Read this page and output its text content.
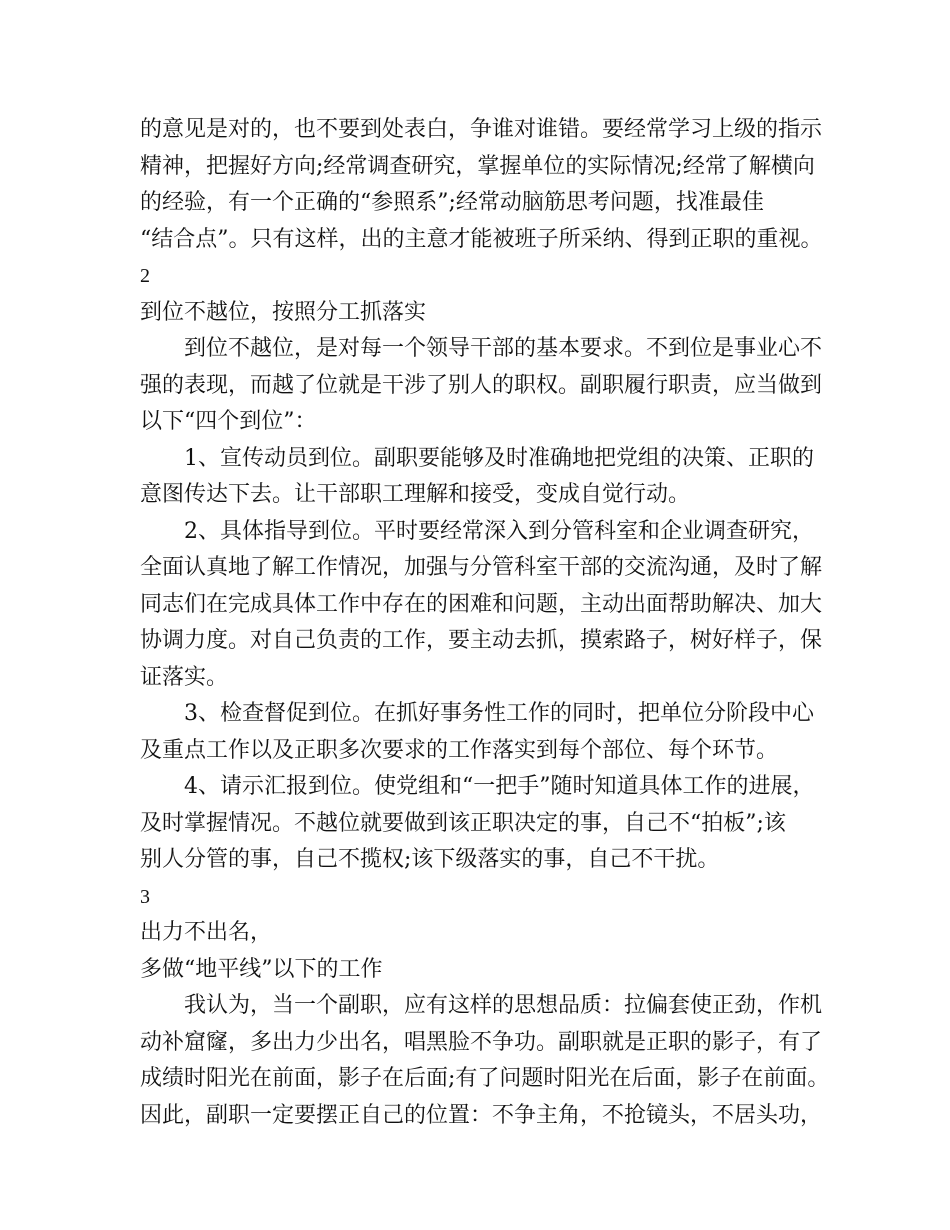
的意见是对的，也不要到处表白，争谁对谁错。要经常学习上级的指示
精神，把握好方向;经常调查研究，掌握单位的实际情况;经常了解横向
的经验，有一个正确的“参照系”;经常动脑筋思考问题，找准最佳
“结合点”。只有这样，出的主意才能被班子所采纳、得到正职的重视。
2
到位不越位，按照分工抓落实
到位不越位，是对每一个领导干部的基本要求。不到位是事业心不
强的表现，而越了位就是干涉了别人的职权。副职履行职责，应当做到
以下“四个到位”：
1、宣传动员到位。副职要能够及时准确地把党组的决策、正职的
意图传达下去。让干部职工理解和接受，变成自觉行动。
2、具体指导到位。平时要经常深入到分管科室和企业调查研究，
全面认真地了解工作情况，加强与分管科室干部的交流沟通，及时了解
同志们在完成具体工作中存在的困难和问题，主动出面帮助解决、加大
协调力度。对自己负责的工作，要主动去抓，摸索路子，树好样子，保
证落实。
3、检查督促到位。在抓好事务性工作的同时，把单位分阶段中心
及重点工作以及正职多次要求的工作落实到每个部位、每个环节。
4、请示汇报到位。使党组和“一把手”随时知道具体工作的进展，
及时掌握情况。不越位就要做到该正职决定的事，自己不“拍板”;该
别人分管的事，自己不揽权;该下级落实的事，自己不干扰。
3
出力不出名，
多做“地平线”以下的工作
我认为，当一个副职，应有这样的思想品质：拉偏套使正劲，作机
动补窟窿，多出力少出名，唱黑脸不争功。副职就是正职的影子，有了
成绩时阳光在前面，影子在后面;有了问题时阳光在后面，影子在前面。
因此，副职一定要摆正自己的位置：不争主角，不抢镜头，不居头功，
